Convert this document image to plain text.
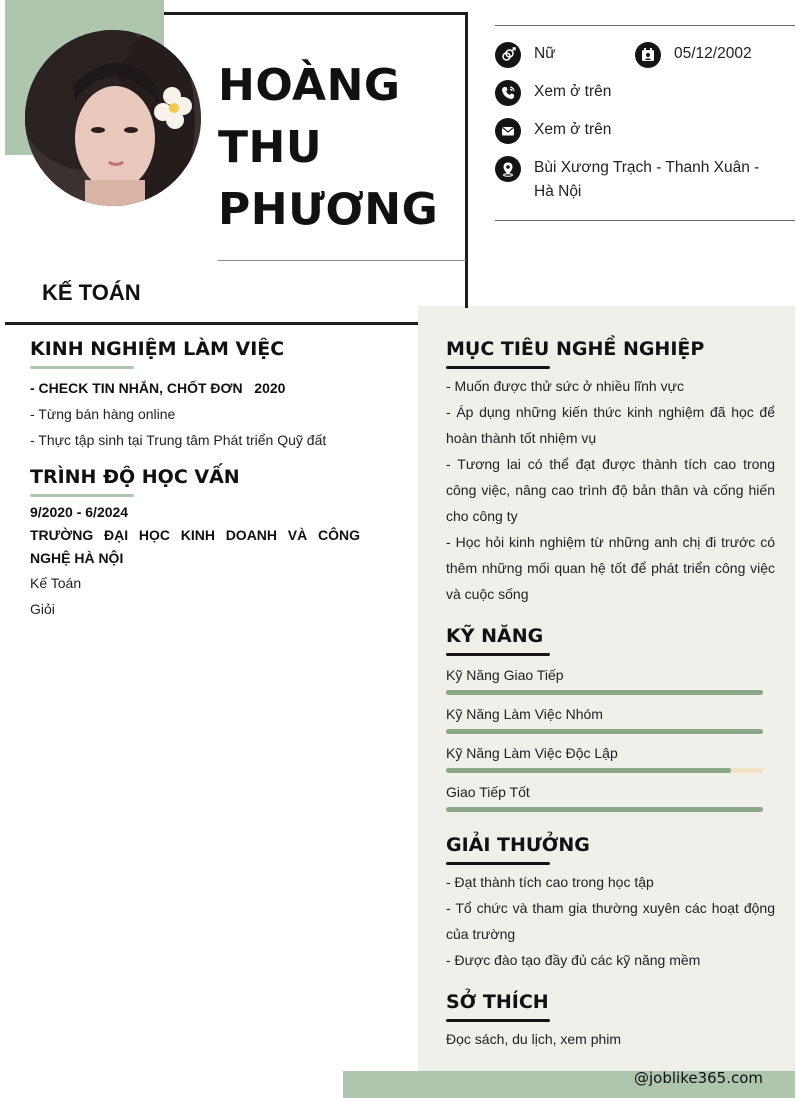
HOÀNG
THU
PHƯƠNG
KẾ TOÁN
Nữ	05/12/2002
Xem ở trên
Xem ở trên
Bùi Xương Trạch - Thanh Xuân - Hà Nội
KINH NGHIỆM LÀM VIỆC
- CHECK TIN NHẮN, CHỐT ĐƠN 2020
- Từng bán hàng online
- Thực tập sinh tại Trung tâm Phát triển Quỹ đất
TRÌNH ĐỘ HỌC VẤN
9/2020 - 6/2024
TRƯỜNG ĐẠI HỌC KINH DOANH VÀ CÔNG NGHỆ HÀ NỘI
Kế Toán
Giỏi
MỤC TIÊU NGHỀ NGHIỆP
- Muốn được thử sức ở nhiều lĩnh vực
- Áp dụng những kiến thức kinh nghiệm đã học để hoàn thành tốt nhiệm vụ
- Tương lai có thể đạt được thành tích cao trong công việc, nâng cao trình độ bản thân và cống hiến cho công ty
- Học hỏi kinh nghiệm từ những anh chị đi trước có thêm những mối quan hệ tốt để phát triển công việc và cuộc sống
KỸ NĂNG
Kỹ Năng Giao Tiếp
Kỹ Năng Làm Việc Nhóm
Kỹ Năng Làm Việc Độc Lập
Giao Tiếp Tốt
GIẢI THƯỞNG
- Đạt thành tích cao trong học tập
- Tổ chức và tham gia thường xuyên các hoạt động của trường
- Được đào tạo đầy đủ các kỹ năng mềm
SỞ THÍCH
Đọc sách, du lịch, xem phim
@joblike365.com
